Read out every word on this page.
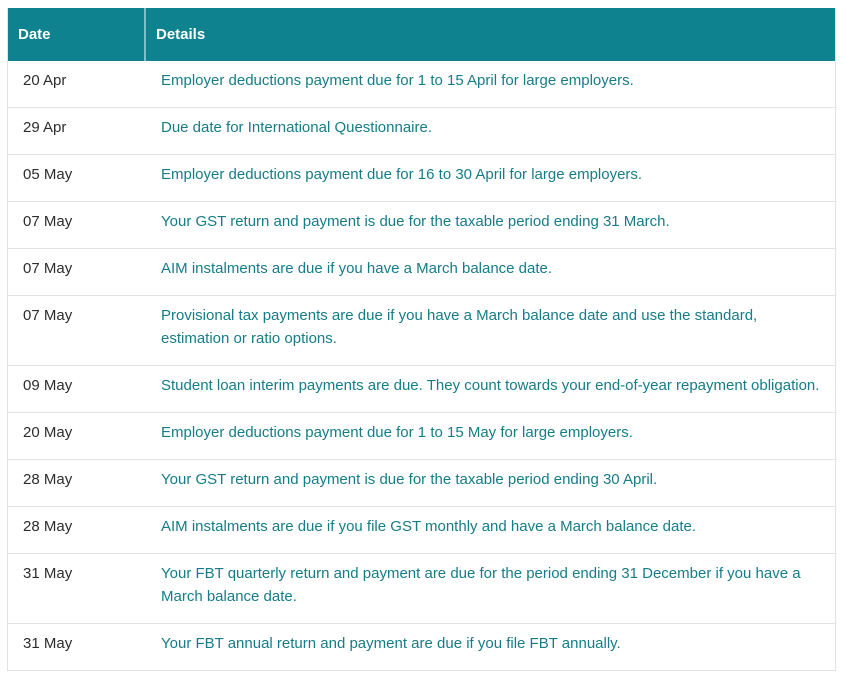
Date	Details
20 Apr	Employer deductions payment due for 1 to 15 April for large employers.
29 Apr	Due date for International Questionnaire.
05 May	Employer deductions payment due for 16 to 30 April for large employers.
07 May	Your GST return and payment is due for the taxable period ending 31 March.
07 May	AIM instalments are due if you have a March balance date.
07 May	Provisional tax payments are due if you have a March balance date and use the standard, estimation or ratio options.
09 May	Student loan interim payments are due. They count towards your end-of-year repayment obligation.
20 May	Employer deductions payment due for 1 to 15 May for large employers.
28 May	Your GST return and payment is due for the taxable period ending 30 April.
28 May	AIM instalments are due if you file GST monthly and have a March balance date.
31 May	Your FBT quarterly return and payment are due for the period ending 31 December if you have a March balance date.
31 May	Your FBT annual return and payment are due if you file FBT annually.
